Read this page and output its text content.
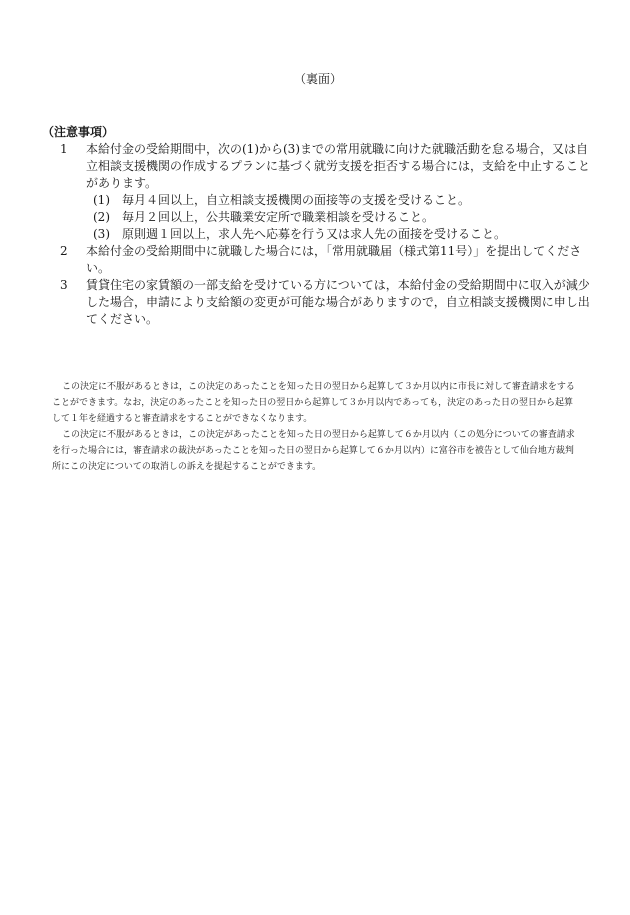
（裏面）

（注意事項）

1	本給付金の受給期間中，次の(1)から(3)までの常用就職に向けた就職活動を怠る場合，又は自立相談支援機関の作成するプランに基づく就労支援を拒否する場合には，支給を中止することがあります。
(1)　毎月４回以上，自立相談支援機関の面接等の支援を受けること。
(2)　毎月２回以上，公共職業安定所で職業相談を受けること。
(3)　原則週１回以上，求人先へ応募を行う又は求人先の面接を受けること。
2	本給付金の受給期間中に就職した場合には，「常用就職届（様式第11号）」を提出してください。
3	賃貸住宅の家賃額の一部支給を受けている方については，本給付金の受給期間中に収入が減少した場合，申請により支給額の変更が可能な場合がありますので，自立相談支援機関に申し出てください。

この決定に不服があるときは，この決定のあったことを知った日の翌日から起算して３か月以内に市長に対して審査請求をすることができます。なお，決定のあったことを知った日の翌日から起算して３か月以内であっても，決定のあった日の翌日から起算して１年を経過すると審査請求をすることができなくなります。

この決定に不服があるときは，この決定があったことを知った日の翌日から起算して６か月以内（この処分についての審査請求を行った場合には，審査請求の裁決があったことを知った日の翌日から起算して６か月以内）に富谷市を被告として仙台地方裁判所にこの決定についての取消しの訴えを提起することができます。
